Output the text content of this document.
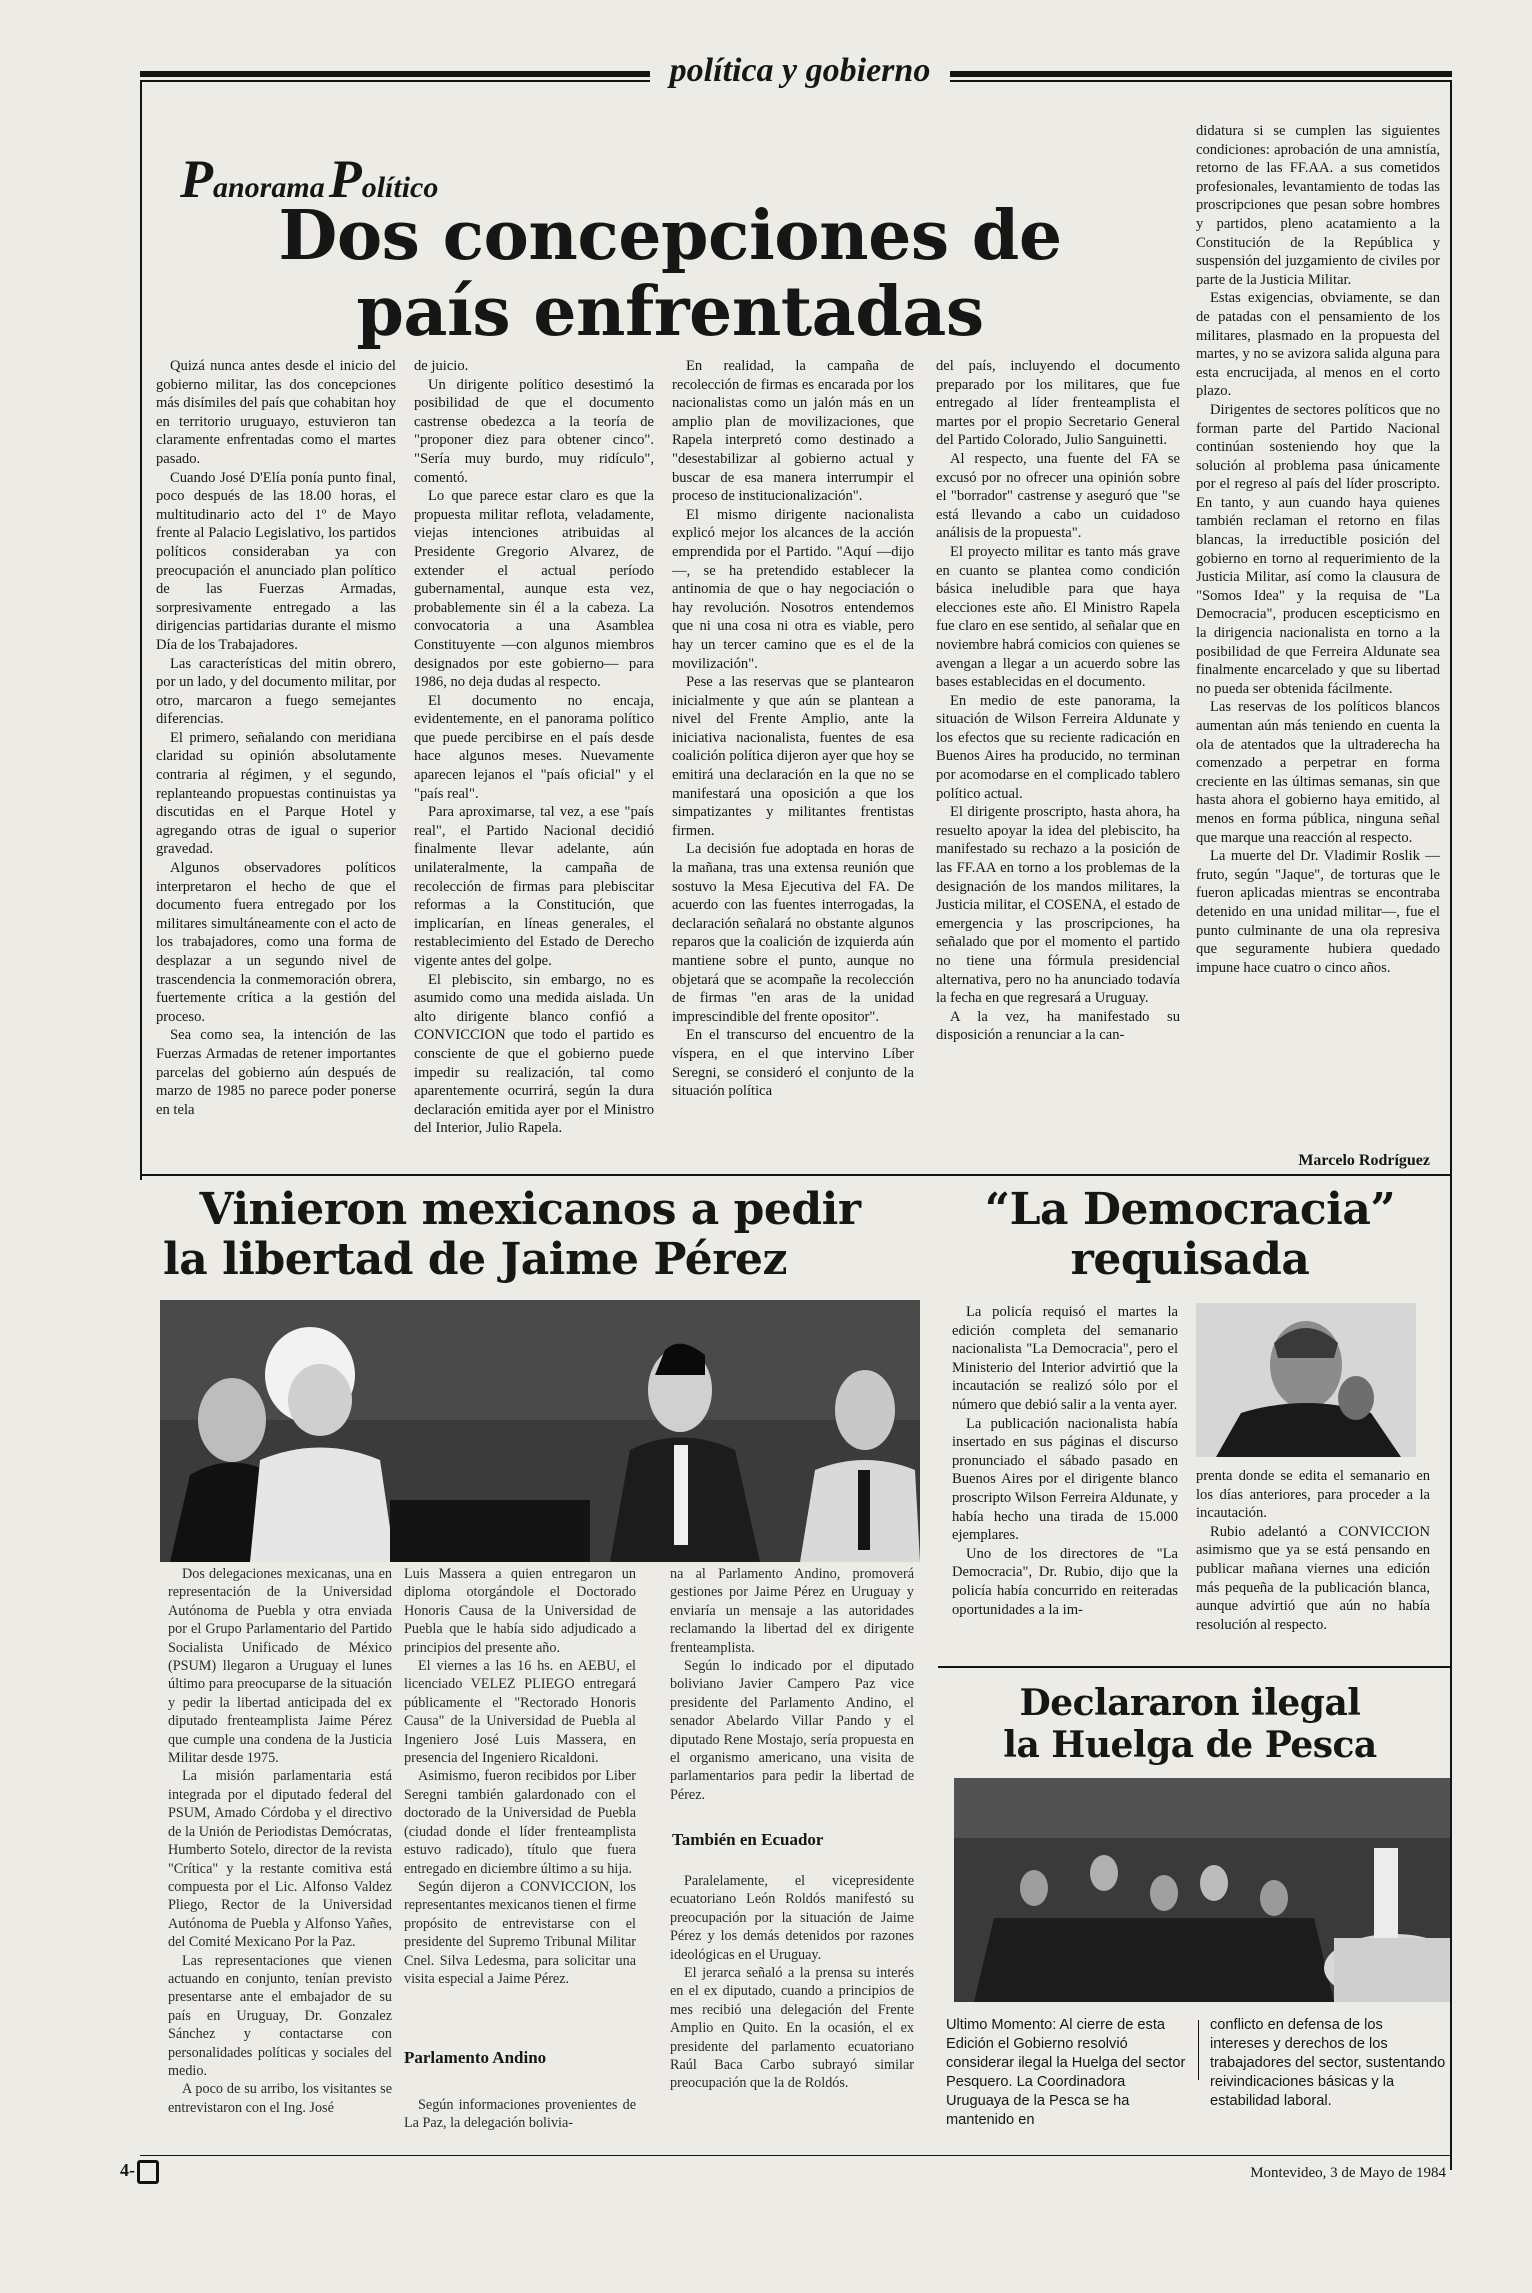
política y gobierno
Panorama Político
Dos concepciones de
país enfrentadas

Quizá nunca antes desde el inicio del gobierno militar, las dos concepciones más disímiles del país que cohabitan hoy en territorio uruguayo, estuvieron tan claramente enfrentadas como el martes pasado.

Cuando José D'Elía ponía punto final, poco después de las 18.00 horas, el multitudinario acto del 1º de Mayo frente al Palacio Legislativo, los partidos políticos consideraban ya con preocupación el anunciado plan político de las Fuerzas Armadas, sorpresivamente entregado a las dirigencias partidarias durante el mismo Día de los Trabajadores.

Las características del mitin obrero, por un lado, y del documento militar, por otro, marcaron a fuego semejantes diferencias.

El primero, señalando con meridiana claridad su opinión absolutamente contraria al régimen, y el segundo, replanteando propuestas continuistas ya discutidas en el Parque Hotel y agregando otras de igual o superior gravedad.

Algunos observadores políticos interpretaron el hecho de que el documento fuera entregado por los militares simultáneamente con el acto de los trabajadores, como una forma de desplazar a un segundo nivel de trascendencia la conmemoración obrera, fuertemente crítica a la gestión del proceso.

Sea como sea, la intención de las Fuerzas Armadas de retener importantes parcelas del gobierno aún después de marzo de 1985 no parece poder ponerse en tela

de juicio.

Un dirigente político desestimó la posibilidad de que el documento castrense obedezca a la teoría de "proponer diez para obtener cinco". "Sería muy burdo, muy ridículo", comentó.

Lo que parece estar claro es que la propuesta militar reflota, veladamente, viejas intenciones atribuidas al Presidente Gregorio Alvarez, de extender el actual período gubernamental, aunque esta vez, probablemente sin él a la cabeza. La convocatoria a una Asamblea Constituyente —con algunos miembros designados por este gobierno— para 1986, no deja dudas al respecto.

El documento no encaja, evidentemente, en el panorama político que puede percibirse en el país desde hace algunos meses. Nuevamente aparecen lejanos el "país oficial" y el "país real".

Para aproximarse, tal vez, a ese "país real", el Partido Nacional decidió finalmente llevar adelante, aún unilateralmente, la campaña de recolección de firmas para plebiscitar reformas a la Constitución, que implicarían, en líneas generales, el restablecimiento del Estado de Derecho vigente antes del golpe.

El plebiscito, sin embargo, no es asumido como una medida aislada. Un alto dirigente blanco confió a CONVICCION que todo el partido es consciente de que el gobierno puede impedir su realización, tal como aparentemente ocurrirá, según la dura declaración emitida ayer por el Ministro del Interior, Julio Rapela.

En realidad, la campaña de recolección de firmas es encarada por los nacionalistas como un jalón más en un amplio plan de movilizaciones, que Rapela interpretó como destinado a "desestabilizar al gobierno actual y buscar de esa manera interrumpir el proceso de institucionalización".

El mismo dirigente nacionalista explicó mejor los alcances de la acción emprendida por el Partido. "Aquí —dijo—, se ha pretendido establecer la antinomia de que o hay negociación o hay revolución. Nosotros entendemos que ni una cosa ni otra es viable, pero hay un tercer camino que es el de la movilización".

Pese a las reservas que se plantearon inicialmente y que aún se plantean a nivel del Frente Amplio, ante la iniciativa nacionalista, fuentes de esa coalición política dijeron ayer que hoy se emitirá una declaración en la que no se manifestará una oposición a que los simpatizantes y militantes frentistas firmen.

La decisión fue adoptada en horas de la mañana, tras una extensa reunión que sostuvo la Mesa Ejecutiva del FA. De acuerdo con las fuentes interrogadas, la declaración señalará no obstante algunos reparos que la coalición de izquierda aún mantiene sobre el punto, aunque no objetará que se acompañe la recolección de firmas "en aras de la unidad imprescindible del frente opositor".

En el transcurso del encuentro de la víspera, en el que intervino Líber Seregni, se consideró el conjunto de la situación política

del país, incluyendo el documento preparado por los militares, que fue entregado al líder frenteamplista el martes por el propio Secretario General del Partido Colorado, Julio Sanguinetti.

Al respecto, una fuente del FA se excusó por no ofrecer una opinión sobre el "borrador" castrense y aseguró que "se está llevando a cabo un cuidadoso análisis de la propuesta".

El proyecto militar es tanto más grave en cuanto se plantea como condición básica ineludible para que haya elecciones este año. El Ministro Rapela fue claro en ese sentido, al señalar que en noviembre habrá comicios con quienes se avengan a llegar a un acuerdo sobre las bases establecidas en el documento.

En medio de este panorama, la situación de Wilson Ferreira Aldunate y los efectos que su reciente radicación en Buenos Aires ha producido, no terminan por acomodarse en el complicado tablero político actual.

El dirigente proscripto, hasta ahora, ha resuelto apoyar la idea del plebiscito, ha manifestado su rechazo a la posición de las FF.AA en torno a los problemas de la designación de los mandos militares, la Justicia militar, el COSENA, el estado de emergencia y las proscripciones, ha señalado que por el momento el partido no tiene una fórmula presidencial alternativa, pero no ha anunciado todavía la fecha en que regresará a Uruguay.

A la vez, ha manifestado su disposición a renunciar a la can-

didatura si se cumplen las siguientes condiciones: aprobación de una amnistía, retorno de las FF.AA. a sus cometidos profesionales, levantamiento de todas las proscripciones que pesan sobre hombres y partidos, pleno acatamiento a la Constitución de la República y suspensión del juzgamiento de civiles por parte de la Justicia Militar.

Estas exigencias, obviamente, se dan de patadas con el pensamiento de los militares, plasmado en la propuesta del martes, y no se avizora salida alguna para esta encrucijada, al menos en el corto plazo.

Dirigentes de sectores políticos que no forman parte del Partido Nacional continúan sosteniendo hoy que la solución al problema pasa únicamente por el regreso al país del líder proscripto. En tanto, y aun cuando haya quienes también reclaman el retorno en filas blancas, la irreductible posición del gobierno en torno al requerimiento de la Justicia Militar, así como la clausura de "Somos Idea" y la requisa de "La Democracia", producen escepticismo en la dirigencia nacionalista en torno a la posibilidad de que Ferreira Aldunate sea finalmente encarcelado y que su libertad no pueda ser obtenida fácilmente.

Las reservas de los políticos blancos aumentan aún más teniendo en cuenta la ola de atentados que la ultraderecha ha comenzado a perpetrar en forma creciente en las últimas semanas, sin que hasta ahora el gobierno haya emitido, al menos en forma pública, ninguna señal que marque una reacción al respecto.

La muerte del Dr. Vladimir Roslik —fruto, según "Jaque", de torturas que le fueron aplicadas mientras se encontraba detenido en una unidad militar—, fue el punto culminante de una ola represiva que seguramente hubiera quedado impune hace cuatro o cinco años.

Marcelo Rodríguez
Vinieron mexicanos a pedir
la libertad de Jaime Pérez

Dos delegaciones mexicanas, una en representación de la Universidad Autónoma de Puebla y otra enviada por el Grupo Parlamentario del Partido Socialista Unificado de México (PSUM) llegaron a Uruguay el lunes último para preocuparse de la situación y pedir la libertad anticipada del ex diputado frenteamplista Jaime Pérez que cumple una condena de la Justicia Militar desde 1975.

La misión parlamentaria está integrada por el diputado federal del PSUM, Amado Córdoba y el directivo de la Unión de Periodistas Demócratas, Humberto Sotelo, director de la revista "Crítica" y la restante comitiva está compuesta por el Lic. Alfonso Valdez Pliego, Rector de la Universidad Autónoma de Puebla y Alfonso Yañes, del Comité Mexicano Por la Paz.

Las representaciones que vienen actuando en conjunto, tenían previsto presentarse ante el embajador de su país en Uruguay, Dr. Gonzalez Sánchez y contactarse con personalidades políticas y sociales del medio.

A poco de su arribo, los visitantes se entrevistaron con el Ing. José

Luis Massera a quien entregaron un diploma otorgándole el Doctorado Honoris Causa de la Universidad de Puebla que le había sido adjudicado a principios del presente año.

El viernes a las 16 hs. en AEBU, el licenciado VELEZ PLIEGO entregará públicamente el "Rectorado Honoris Causa" de la Universidad de Puebla al Ingeniero José Luis Massera, en presencia del Ingeniero Ricaldoni.

Asimismo, fueron recibidos por Liber Seregni también galardonado con el doctorado de la Universidad de Puebla (ciudad donde el líder frenteamplista estuvo radicado), título que fuera entregado en diciembre último a su hija.

Según dijeron a CONVICCION, los representantes mexicanos tienen el firme propósito de entrevistarse con el presidente del Supremo Tribunal Militar Cnel. Silva Ledesma, para solicitar una visita especial a Jaime Pérez.

Parlamento Andino

Según informaciones provenientes de La Paz, la delegación bolivia-

na al Parlamento Andino, promoverá gestiones por Jaime Pérez en Uruguay y enviaría un mensaje a las autoridades reclamando la libertad del ex dirigente frenteamplista.

Según lo indicado por el diputado boliviano Javier Campero Paz vice presidente del Parlamento Andino, el senador Abelardo Villar Pando y el diputado Rene Mostajo, sería propuesta en el organismo americano, una visita de parlamentarios para pedir la libertad de Pérez.

También en Ecuador

Paralelamente, el vicepresidente ecuatoriano León Roldós manifestó su preocupación por la situación de Jaime Pérez y los demás detenidos por razones ideológicas en el Uruguay.

El jerarca señaló a la prensa su interés en el ex diputado, cuando a principios de mes recibió una delegación del Frente Amplio en Quito. En la ocasión, el ex presidente del parlamento ecuatoriano Raúl Baca Carbo subrayó similar preocupación que la de Roldós.

“La Democracia”
requisada

La policía requisó el martes la edición completa del semanario nacionalista "La Democracia", pero el Ministerio del Interior advirtió que la incautación se realizó sólo por el número que debió salir a la venta ayer.

La publicación nacionalista había insertado en sus páginas el discurso pronunciado el sábado pasado en Buenos Aires por el dirigente blanco proscripto Wilson Ferreira Aldunate, y había hecho una tirada de 15.000 ejemplares.

Uno de los directores de "La Democracia", Dr. Rubio, dijo que la policía había concurrido en reiteradas oportunidades a la im-

prenta donde se edita el semanario en los días anteriores, para proceder a la incautación.

Rubio adelantó a CONVICCION asimismo que ya se está pensando en publicar mañana viernes una edición más pequeña de la publicación blanca, aunque advirtió que aún no había resolución al respecto.

Declararon ilegal
la Huelga de Pesca

Ultimo Momento: Al cierre de esta Edición el Gobierno resolvió considerar ilegal la Huelga del sector Pesquero. La Coordinadora Uruguaya de la Pesca se ha mantenido en

conflicto en defensa de los intereses y derechos de los trabajadores del sector, sustentando reivindicaciones básicas y la estabilidad laboral.

4-	Montevideo, 3 de Mayo de 1984
